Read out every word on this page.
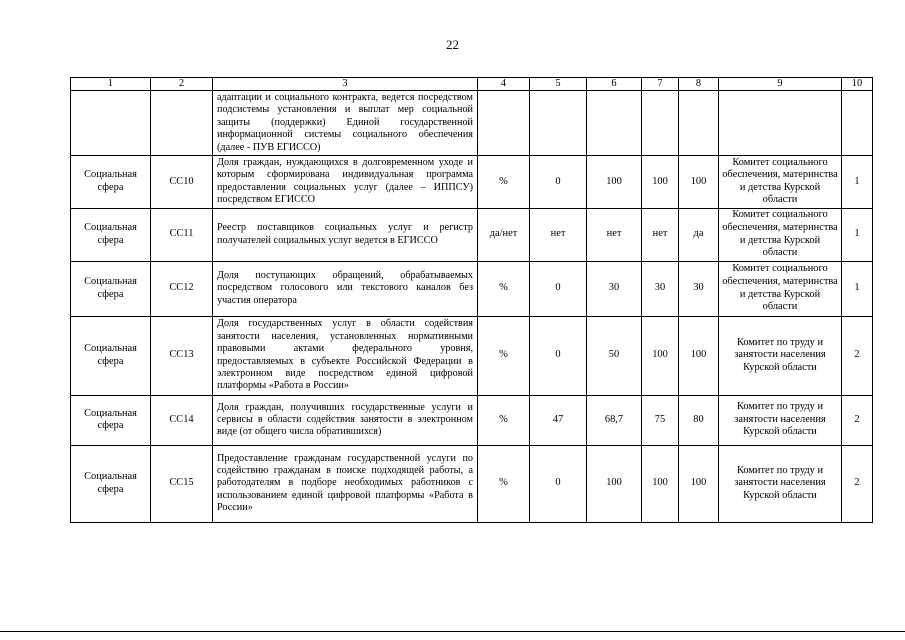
22
1	2	3	4	5	6	7	8	9	10
		адаптации и социального контракта, ведется посредством подсистемы установления и выплат мер социальной защиты (поддержки) Единой государственной информационной системы социального обеспечения (далее - ПУВ ЕГИССО)							
Социальная сфера	СС10	Доля граждан, нуждающихся в долговременном уходе и которым сформирована индивидуальная программа предоставления социальных услуг (далее – ИППСУ) посредством ЕГИССО	%	0	100	100	100	Комитет социального обеспечения, материнства и детства Курской области	1
Социальная сфера	СС11	Реестр поставщиков социальных услуг и регистр получателей социальных услуг ведется в ЕГИССО	да/нет	нет	нет	нет	да	Комитет социального обеспечения, материнства и детства Курской области	1
Социальная сфера	СС12	Доля поступающих обращений, обрабатываемых посредством голосового или текстового каналов без участия оператора	%	0	30	30	30	Комитет социального обеспечения, материнства и детства Курской области	1
Социальная сфера	СС13	Доля государственных услуг в области содействия занятости населения, установленных нормативными правовыми актами федерального уровня, предоставляемых в субъекте Российской Федерации в электронном виде посредством единой цифровой платформы «Работа в России»	%	0	50	100	100	Комитет по труду и занятости населения Курской области	2
Социальная сфера	СС14	Доля граждан, получивших государственные услуги и сервисы в области содействия занятости в электронном виде (от общего числа обратившихся)	%	47	68,7	75	80	Комитет по труду и занятости населения Курской области	2
Социальная сфера	СС15	Предоставление гражданам государственной услуги по содействию гражданам в поиске подходящей работы, а работодателям в подборе необходимых работников с использованием единой цифровой платформы «Работа в России»	%	0	100	100	100	Комитет по труду и занятости населения Курской области	2
